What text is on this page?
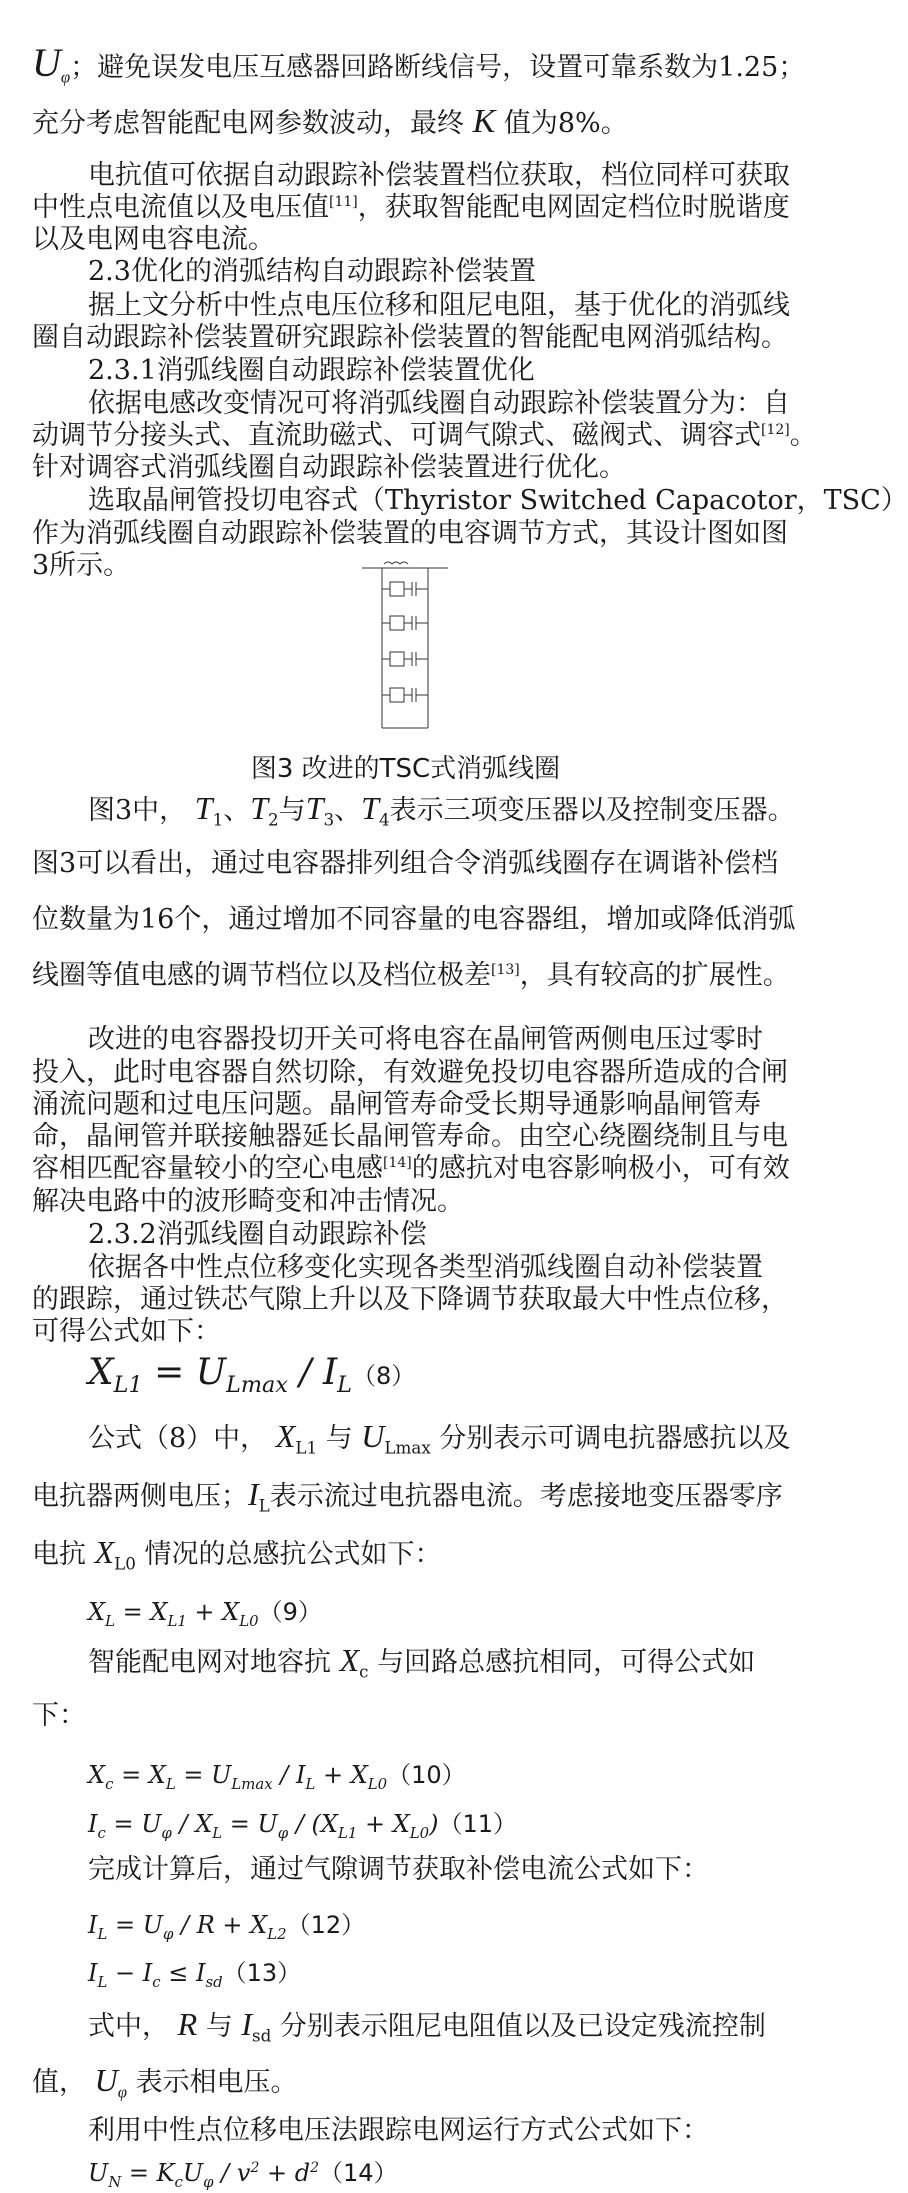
$U_\varphi$；避免误发电压互感器回路断线信号，设置可靠系数为1.25；
充分考虑智能配电网参数波动，最终 K 值为8%。
电抗值可依据自动跟踪补偿装置档位获取，档位同样可获取
中性点电流值以及电压值[11]，获取智能配电网固定档位时脱谐度
以及电网电容电流。
2.3优化的消弧结构自动跟踪补偿装置
据上文分析中性点电压位移和阻尼电阻，基于优化的消弧线
圈自动跟踪补偿装置研究跟踪补偿装置的智能配电网消弧结构。
2.3.1消弧线圈自动跟踪补偿装置优化
依据电感改变情况可将消弧线圈自动跟踪补偿装置分为：自
动调节分接头式、直流助磁式、可调气隙式、磁阀式、调容式[12]。
针对调容式消弧线圈自动跟踪补偿装置进行优化。
选取晶闸管投切电容式（Thyristor Switched Capacotor，TSC）
作为消弧线圈自动跟踪补偿装置的电容调节方式，其设计图如图
3所示。
图3 改进的TSC式消弧线圈
图3中， $T_1$、$T_2$与$T_3$、$T_4$表示三项变压器以及控制变压器。
图3可以看出，通过电容器排列组合令消弧线圈存在调谐补偿档
位数量为16个，通过增加不同容量的电容器组，增加或降低消弧
线圈等值电感的调节档位以及档位极差[13]，具有较高的扩展性。
改进的电容器投切开关可将电容在晶闸管两侧电压过零时
投入，此时电容器自然切除，有效避免投切电容器所造成的合闸
涌流问题和过电压问题。晶闸管寿命受长期导通影响晶闸管寿
命，晶闸管并联接触器延长晶闸管寿命。由空心绕圈绕制且与电
容相匹配容量较小的空心电感[14]的感抗对电容影响极小，可有效
解决电路中的波形畸变和冲击情况。
2.3.2消弧线圈自动跟踪补偿
依据各中性点位移变化实现各类型消弧线圈自动补偿装置
的跟踪，通过铁芯气隙上升以及下降调节获取最大中性点位移，
可得公式如下：
$X_{L1} = U_{Lmax} / I_L(8)$
公式（8）中， $X_{L1}$ 与 $U_{Lmax}$ 分别表示可调电抗器感抗以及
电抗器两侧电压；$I_L$表示流过电抗器电流。考虑接地变压器零序
电抗 $X_{L0}$ 情况的总感抗公式如下：
$X_L = X_{L1} + X_{L0}(9)$
智能配电网对地容抗 $X_c$ 与回路总感抗相同，可得公式如
下：
$X_c = X_L = U_{Lmax} / I_L + X_{L0}(10)$
$I_c = U_\varphi / X_L = U_\varphi / (X_{L1} + X_{L0})(11)$
完成计算后，通过气隙调节获取补偿电流公式如下：
$I_L = U_\varphi / R + X_{L2}(12)$
$I_L - I_c \le I_{sd}(13)$
式中， R 与 $I_{sd}$ 分别表示阻尼电阻值以及已设定残流控制
值， $U_\varphi$ 表示相电压。
利用中性点位移电压法跟踪电网运行方式公式如下：
$U_N = K_cU_\varphi / v^2 + d^2(14)$
